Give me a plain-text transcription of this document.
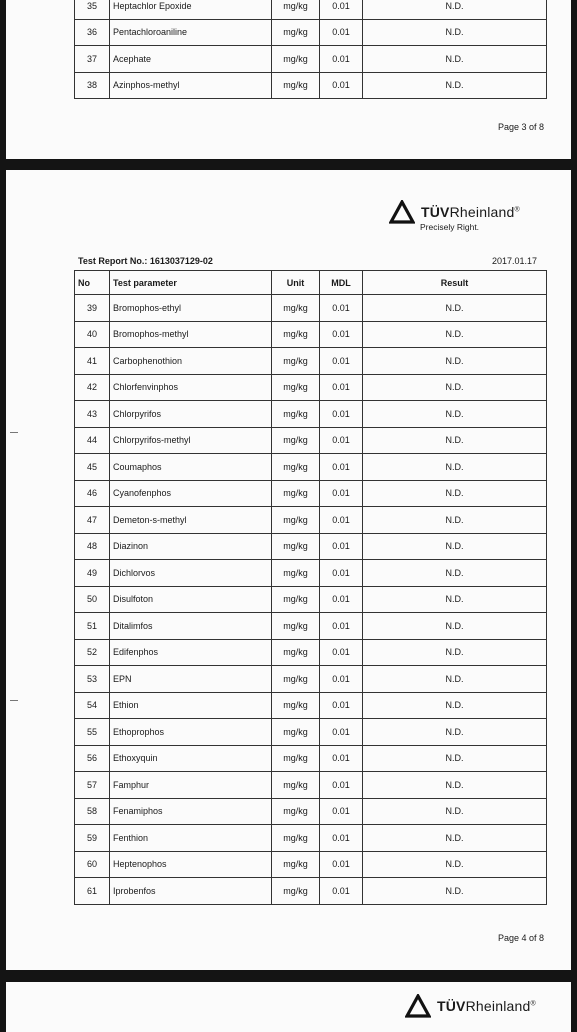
35	Heptachlor Epoxide	mg/kg	0.01	N.D.
36	Pentachloroaniline	mg/kg	0.01	N.D.
37	Acephate	mg/kg	0.01	N.D.
38	Azinphos-methyl	mg/kg	0.01	N.D.
Page 3 of 8
TÜVRheinland®
Precisely Right.
Test Report No.: 1613037129-02	2017.01.17
No	Test parameter	Unit	MDL	Result
39	Bromophos-ethyl	mg/kg	0.01	N.D.
40	Bromophos-methyl	mg/kg	0.01	N.D.
41	Carbophenothion	mg/kg	0.01	N.D.
42	Chlorfenvinphos	mg/kg	0.01	N.D.
43	Chlorpyrifos	mg/kg	0.01	N.D.
44	Chlorpyrifos-methyl	mg/kg	0.01	N.D.
45	Coumaphos	mg/kg	0.01	N.D.
46	Cyanofenphos	mg/kg	0.01	N.D.
47	Demeton-s-methyl	mg/kg	0.01	N.D.
48	Diazinon	mg/kg	0.01	N.D.
49	Dichlorvos	mg/kg	0.01	N.D.
50	Disulfoton	mg/kg	0.01	N.D.
51	Ditalimfos	mg/kg	0.01	N.D.
52	Edifenphos	mg/kg	0.01	N.D.
53	EPN	mg/kg	0.01	N.D.
54	Ethion	mg/kg	0.01	N.D.
55	Ethoprophos	mg/kg	0.01	N.D.
56	Ethoxyquin	mg/kg	0.01	N.D.
57	Famphur	mg/kg	0.01	N.D.
58	Fenamiphos	mg/kg	0.01	N.D.
59	Fenthion	mg/kg	0.01	N.D.
60	Heptenophos	mg/kg	0.01	N.D.
61	Iprobenfos	mg/kg	0.01	N.D.
Page 4 of 8
TÜVRheinland®
